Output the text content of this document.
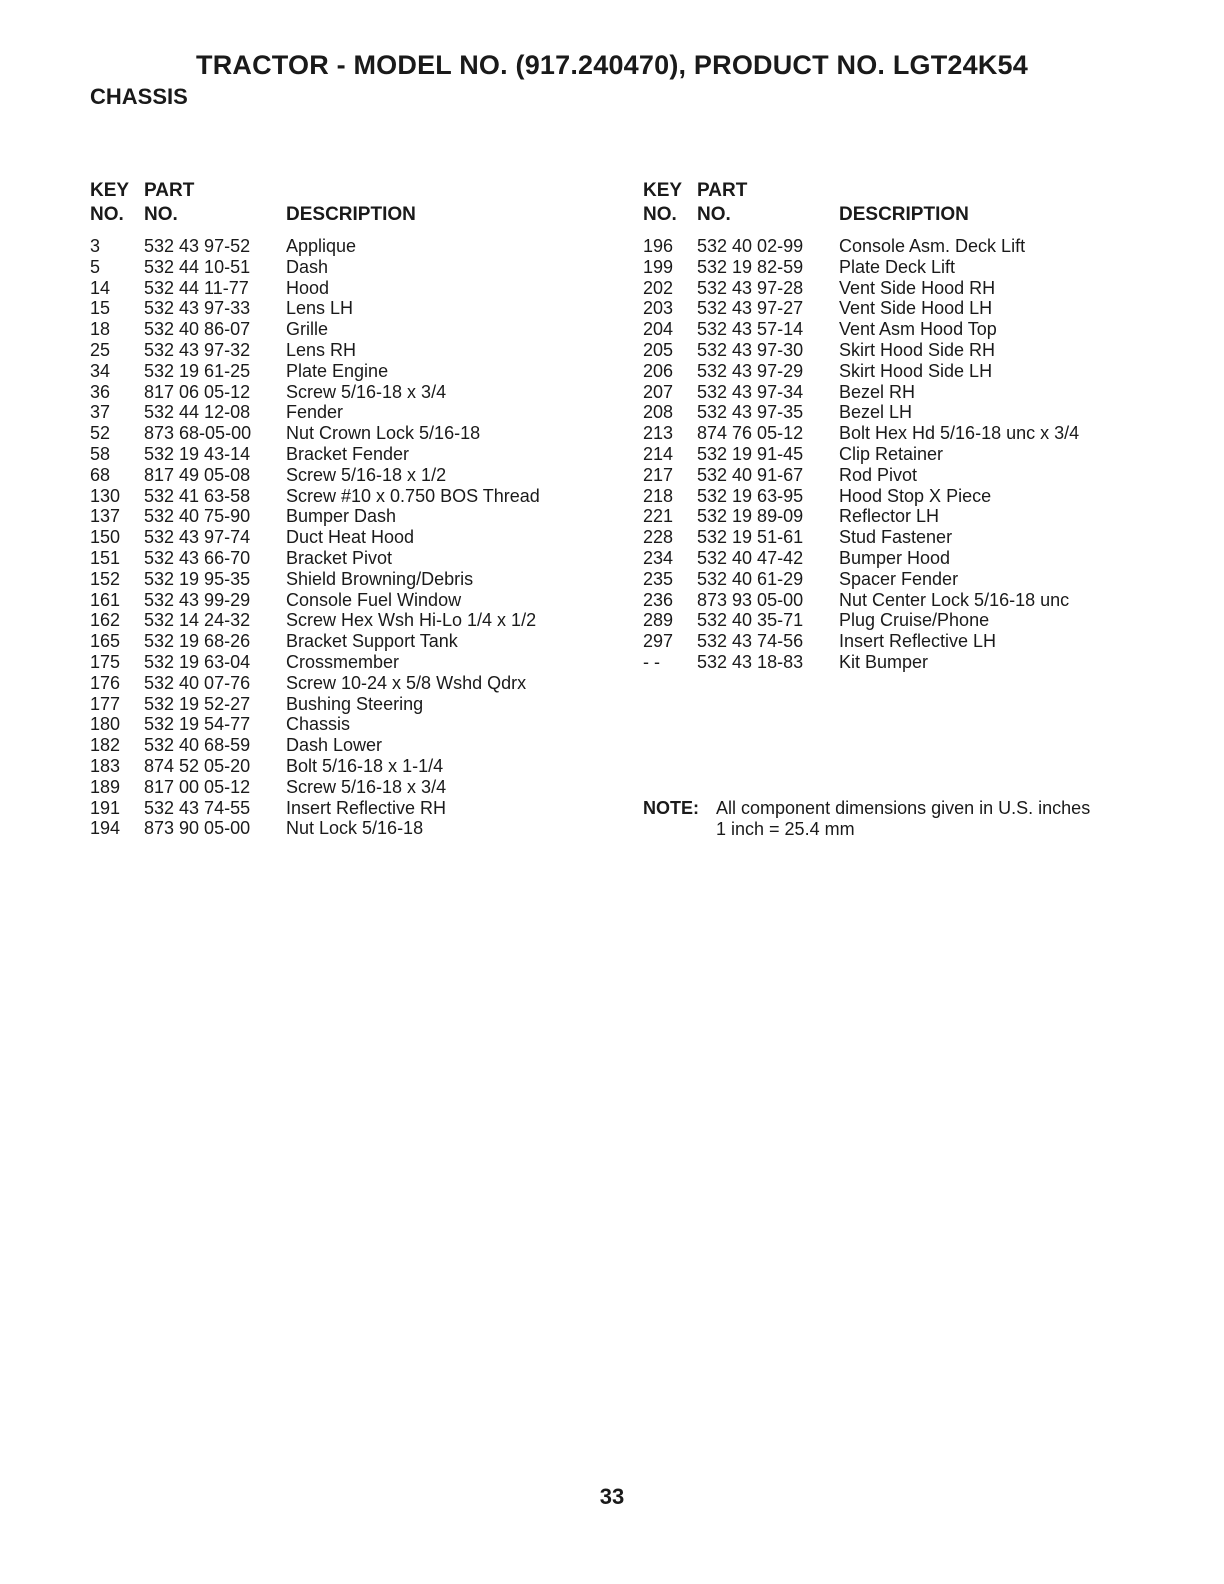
TRACTOR - MODEL NO. (917.240470), PRODUCT NO. LGT24K54
CHASSIS
KEY PART
NO. NO.	DESCRIPTION
3 532 43 97-52 Applique
5 532 44 10-51 Dash
14 532 44 11-77 Hood
15 532 43 97-33 Lens LH
18 532 40 86-07 Grille
25 532 43 97-32 Lens RH
34 532 19 61-25 Plate Engine
36 817 06 05-12 Screw 5/16-18 x 3/4
37 532 44 12-08 Fender
52 873 68-05-00 Nut Crown Lock 5/16-18
58 532 19 43-14 Bracket Fender
68 817 49 05-08 Screw 5/16-18 x 1/2
130 532 41 63-58 Screw #10 x 0.750 BOS Thread
137 532 40 75-90 Bumper Dash
150 532 43 97-74 Duct Heat Hood
151 532 43 66-70 Bracket Pivot
152 532 19 95-35 Shield Browning/Debris
161 532 43 99-29 Console Fuel Window
162 532 14 24-32 Screw Hex Wsh Hi-Lo 1/4 x 1/2
165 532 19 68-26 Bracket Support Tank
175 532 19 63-04 Crossmember
176 532 40 07-76 Screw 10-24 x 5/8 Wshd Qdrx
177 532 19 52-27 Bushing Steering
180 532 19 54-77 Chassis
182 532 40 68-59 Dash Lower
183 874 52 05-20 Bolt 5/16-18 x 1-1/4
189 817 00 05-12 Screw 5/16-18 x 3/4
191 532 43 74-55 Insert Reflective RH
194 873 90 05-00 Nut Lock 5/16-18
KEY PART
NO. NO.	DESCRIPTION
196 532 40 02-99 Console Asm. Deck Lift
199 532 19 82-59 Plate Deck Lift
202 532 43 97-28 Vent Side Hood RH
203 532 43 97-27 Vent Side Hood LH
204 532 43 57-14 Vent Asm Hood Top
205 532 43 97-30 Skirt Hood Side RH
206 532 43 97-29 Skirt Hood Side LH
207 532 43 97-34 Bezel RH
208 532 43 97-35 Bezel LH
213 874 76 05-12 Bolt Hex Hd 5/16-18 unc x 3/4
214 532 19 91-45 Clip Retainer
217 532 40 91-67 Rod Pivot
218 532 19 63-95 Hood Stop X Piece
221 532 19 89-09 Reflector LH
228 532 19 51-61 Stud Fastener
234 532 40 47-42 Bumper Hood
235 532 40 61-29 Spacer Fender
236 873 93 05-00 Nut Center Lock 5/16-18 unc
289 532 40 35-71 Plug Cruise/Phone
297 532 43 74-56 Insert Reflective LH
- - 532 43 18-83 Kit Bumper
NOTE: All component dimensions given in U.S. inches
1 inch = 25.4 mm
33
